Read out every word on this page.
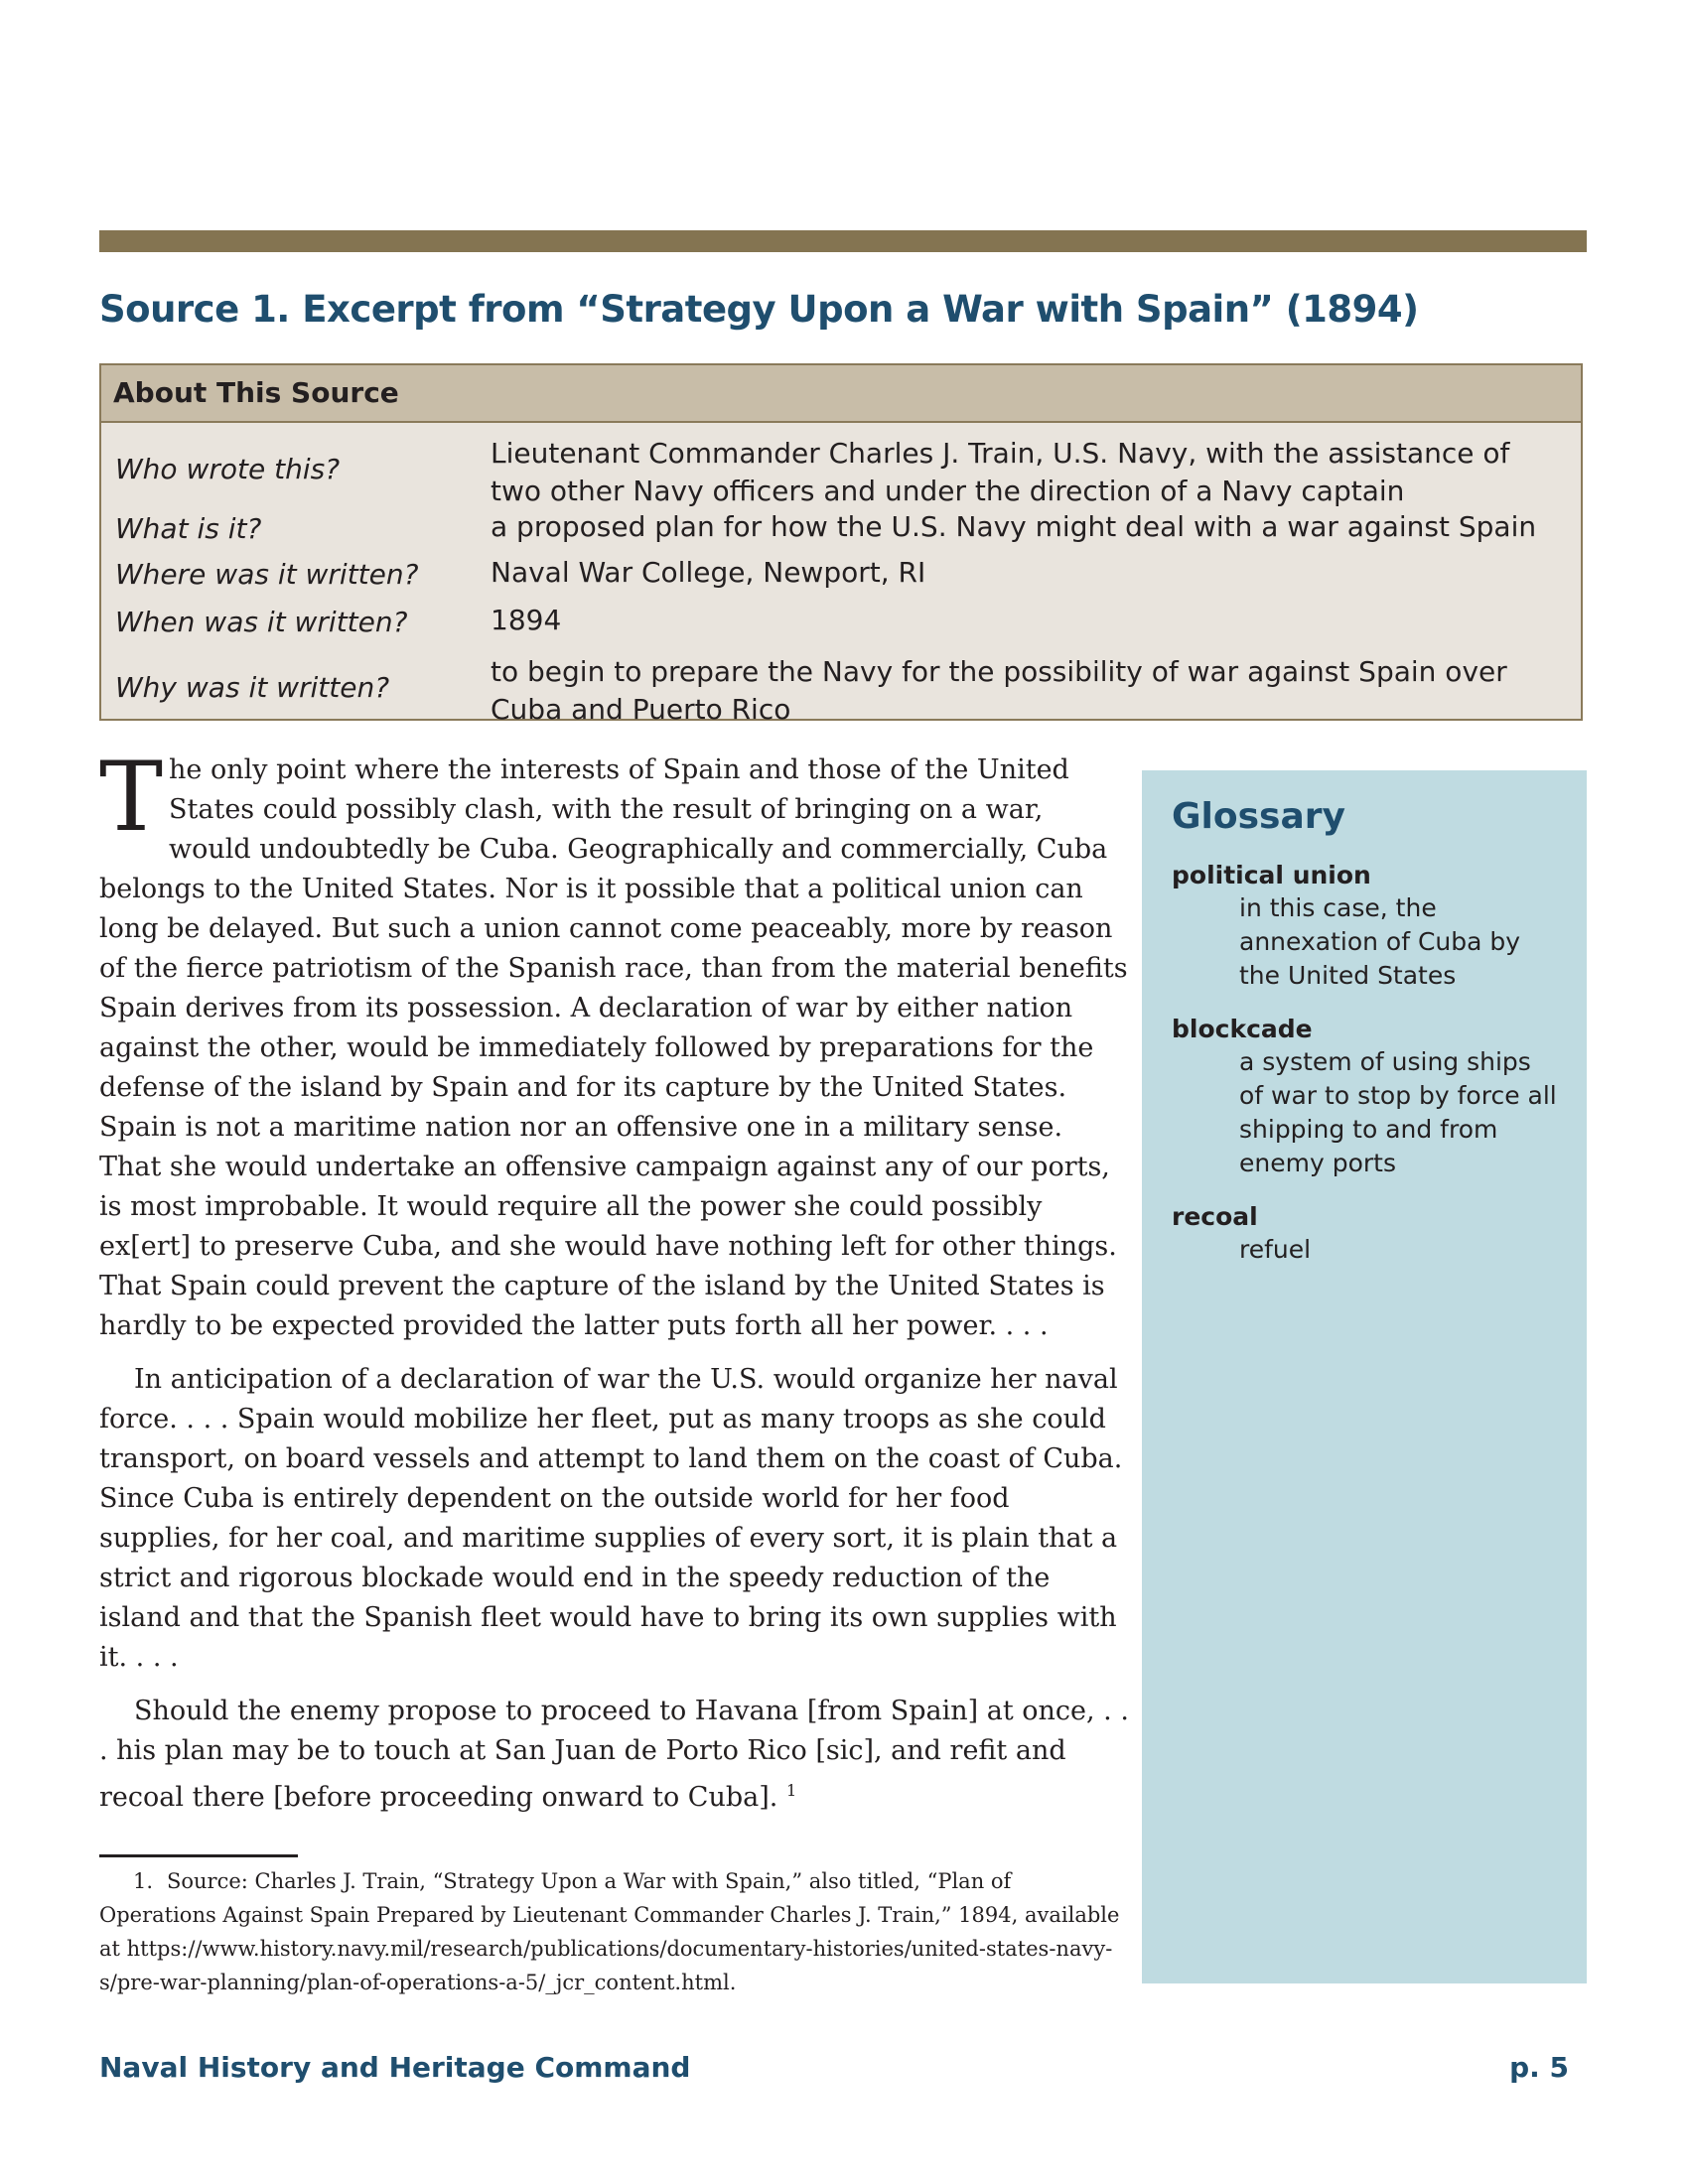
Source 1. Excerpt from “Strategy Upon a War with Spain” (1894)
About This Source
Who wrote this?	Lieutenant Commander Charles J. Train, U.S. Navy, with the assistance of two other Navy officers and under the direction of a Navy captain
What is it?	a proposed plan for how the U.S. Navy might deal with a war against Spain
Where was it written?	Naval War College, Newport, RI
When was it written?	1894
Why was it written?	to begin to prepare the Navy for the possibility of war against Spain over Cuba and Puerto Rico

The only point where the interests of Spain and those of the United States could possibly clash, with the result of bringing on a war, would undoubtedly be Cuba. Geographically and commercially, Cuba belongs to the United States. Nor is it possible that a political union can long be delayed. But such a union cannot come peaceably, more by reason of the fierce patriotism of the Spanish race, than from the material benefits Spain derives from its possession. A declaration of war by either nation against the other, would be immediately followed by preparations for the defense of the island by Spain and for its capture by the United States. Spain is not a maritime nation nor an offensive one in a military sense. That she would undertake an offensive campaign against any of our ports, is most improbable. It would require all the power she could possibly ex[ert] to preserve Cuba, and she would have nothing left for other things. That Spain could prevent the capture of the island by the United States is hardly to be expected provided the latter puts forth all her power. . . .

In anticipation of a declaration of war the U.S. would organize her naval force. . . . Spain would mobilize her fleet, put as many troops as she could transport, on board vessels and attempt to land them on the coast of Cuba. Since Cuba is entirely dependent on the outside world for her food supplies, for her coal, and maritime supplies of every sort, it is plain that a strict and rigorous blockade would end in the speedy reduction of the island and that the Spanish fleet would have to bring its own supplies with it. . . .

Should the enemy propose to proceed to Havana [from Spain] at once, . . . his plan may be to touch at San Juan de Porto Rico [sic], and refit and recoal there [before proceeding onward to Cuba]. $^1$

Glossary
political union
in this case, the annexation of Cuba by the United States
blockcade
a system of using ships of war to stop by force all shipping to and from enemy ports
recoal
refuel

1. Source: Charles J. Train, “Strategy Upon a War with Spain,” also titled, “Plan of Operations Against Spain Prepared by Lieutenant Commander Charles J. Train,” 1894, available at https://www.history.navy.mil/research/publications/documentary-histories/united-states-navy-s/pre-war-planning/plan-of-operations-a-5/_jcr_content.html.

Naval History and Heritage Command	p. 5
